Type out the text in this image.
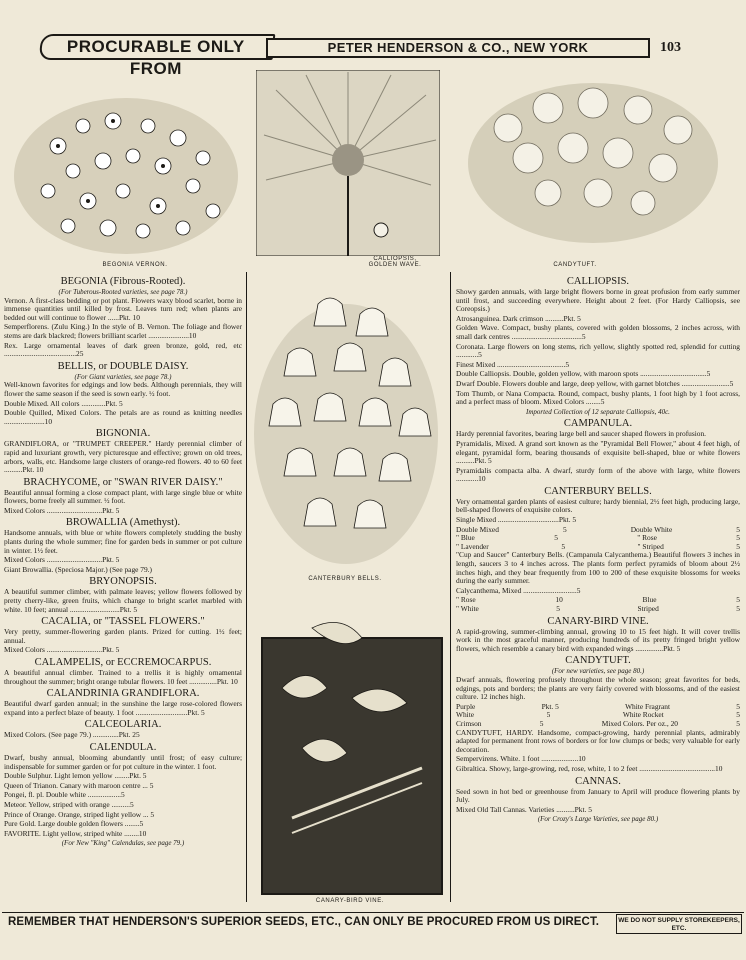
PROCURABLE ONLY FROM
PETER HENDERSON & CO., NEW YORK	103
BEGONIA VERNON.
CALLIOPSIS,
GOLDEN WAVE.	CANDYTUFT.
CANTERBURY BELLS.
CANARY-BIRD VINE.
BEGONIA (Fibrous-Rooted).
(For Tuberous-Rooted varieties, see page 78.)

Vernon. A first-class bedding or pot plant. Flowers waxy blood scarlet, borne in immense quantities until killed by frost. Leaves turn red; when plants are bedded out will continue to flower ......Pkt. 10

Semperflorens. (Zulu King.) In the style of B. Vernon. The foliage and flower stems are dark blackred; flowers brilliant scarlet ......................10

Rex. Large ornamental leaves of dark green bronze, gold, red, etc .......................................25

BELLIS, or DOUBLE DAISY.
(For Giant varieties, see page 78.)

Well-known favorites for edgings and low beds. Although perennials, they will flower the same season if the seed is sown early. ½ foot.

Double Mixed. All colors .............Pkt. 5

Double Quilled, Mixed Colors. The petals are as round as knitting needles ......................10

BIGNONIA.

GRANDIFLORA, or "TRUMPET CREEPER." Hardy perennial climber of rapid and luxuriant growth, very picturesque and effective; grown on old trees, arbors, walls, etc. Handsome large clusters of orange-red flowers. 40 to 60 feet ..........Pkt. 10

BRACHYCOME, or "SWAN RIVER DAISY."

Beautiful annual forming a close compact plant, with large single blue or white flowers, borne freely all summer. ½ foot.

Mixed Colors ..............................Pkt. 5

BROWALLIA (Amethyst).

Handsome annuals, with blue or white flowers completely studding the bushy plants during the whole summer; fine for garden beds in summer or pot culture in winter. 1½ feet.

Mixed Colors ..............................Pkt. 5

Giant Browallia. (Speciosa Major.) (See page 79.)

BRYONOPSIS.

A beautiful summer climber, with palmate leaves; yellow flowers followed by pretty cherry-like, green fruits, which change to bright scarlet marbled with white. 10 feet; annual ...........................Pkt. 5

CACALIA, or "TASSEL FLOWERS."

Very pretty, summer-flowering garden plants. Prized for cutting. 1½ feet; annual.

Mixed Colors ..............................Pkt. 5

CALAMPELIS, or ECCREMOCARPUS.

A beautiful annual climber. Trained to a trellis it is highly ornamental throughout the summer; bright orange tubular flowers. 10 feet ...............Pkt. 10

CALANDRINIA GRANDIFLORA.

Beautiful dwarf garden annual; in the sunshine the large rose-colored flowers expand into a perfect blaze of beauty. 1 foot ............................Pkt. 5

CALCEOLARIA.

Mixed Colors. (See page 79.) ..............Pkt. 25

CALENDULA.

Dwarf, bushy annual, blooming abundantly until frost; of easy culture; indispensable for summer garden or for pot culture in the winter. 1 foot.

Double Sulphur. Light lemon yellow ........Pkt. 5

Queen of Trianon. Canary with maroon centre ... 5

Pongei, fl. pl. Double white ..................5

Meteor. Yellow, striped with orange ..........5

Prince of Orange. Orange, striped light yellow ... 5

Pure Gold. Large double golden flowers ........5

FAVORITE. Light yellow, striped white ........10

(For New "King" Calendulas, see page 79.)
CALLIOPSIS.

Showy garden annuals, with large bright flowers borne in great profusion from early summer until frost, and succeeding everywhere. Height about 2 feet. (For Hardy Calliopsis, see Coreopsis.)

Atrosanguinea. Dark crimson ..........Pkt. 5

Golden Wave. Compact, bushy plants, covered with golden blossoms, 2 inches across, with small dark centres ......................................5

Coronata. Large flowers on long stems, rich yellow, slightly spotted red, splendid for cutting ............5

Finest Mixed .....................................5

Double Calliopsis. Double, golden yellow, with maroon spots ....................................5

Dwarf Double. Flowers double and large, deep yellow, with garnet blotches ..........................5

Tom Thumb, or Nana Compacta. Round, compact, bushy plants, 1 foot high by 1 foot across, and a perfect mass of bloom. Mixed Colors ........5

Imported Collection of 12 separate Calliopsis, 40c.
CAMPANULA.

Hardy perennial favorites, bearing large bell and saucer shaped flowers in profusion.

Pyramidalis, Mixed. A grand sort known as the "Pyramidal Bell Flower," about 4 feet high, of elegant, pyramidal form, bearing thousands of exquisite bell-shaped, blue or white flowers ..........Pkt. 5

Pyramidalis compacta alba. A dwarf, sturdy form of the above with large, white flowers ............10

CANTERBURY BELLS.

Very ornamental garden plants of easiest culture; hardy biennial, 2½ feet high, producing large, bell-shaped flowers of exquisite colors.

Single Mixed .................................Pkt. 5

Double Mixed	5	Double White	5
" Blue	5	" Rose	5
" Lavender	5	" Striped	5

"Cup and Saucer" Canterbury Bells. (Campanula Calycanthema.) Beautiful flowers 3 inches in length, saucers 3 to 4 inches across. The plants form perfect pyramids of bloom about 2½ inches high, and they bear frequently from 100 to 200 of these exquisite blossoms for weeks during the early summer.

Calycanthema, Mixed .............................5

" Rose	10	Blue	5
" White	5	Striped	5
CANARY-BIRD VINE.

A rapid-growing, summer-climbing annual, growing 10 to 15 feet high. It will cover trellis work in the most graceful manner, producing hundreds of its pretty fringed bright yellow flowers, which resemble a canary bird with expanded wings ...............Pkt. 5

CANDYTUFT.
(For new varieties, see page 80.)

Dwarf annuals, flowering profusely throughout the whole season; great favorites for beds, edgings, pots and borders; the plants are very fairly covered with blossoms, and of the easiest culture. 12 inches high.

Purple	Pkt. 5	White Fragrant	5
White	5	White Rocket	5
Crimson	5	Mixed Colors. Per oz., 20	5

CANDYTUFT, HARDY. Handsome, compact-growing, hardy perennial plants, admirably adapted for permanent front rows of borders or for low clumps or beds; very valuable for early decoration.

Sempervirens. White. 1 foot ....................10

Gibraltica. Showy, large-growing, red, rose, white, 1 to 2 feet .........................................10

CANNAS.

Seed sown in hot bed or greenhouse from January to April will produce flowering plants by July.

Mixed Old Tall Cannas. Varieties ..........Pkt. 5

(For Crozy's Large Varieties, see page 80.)
REMEMBER THAT HENDERSON'S SUPERIOR SEEDS, ETC., CAN ONLY BE PROCURED FROM US DIRECT.	WE DO NOT SUPPLY STOREKEEPERS, ETC.
